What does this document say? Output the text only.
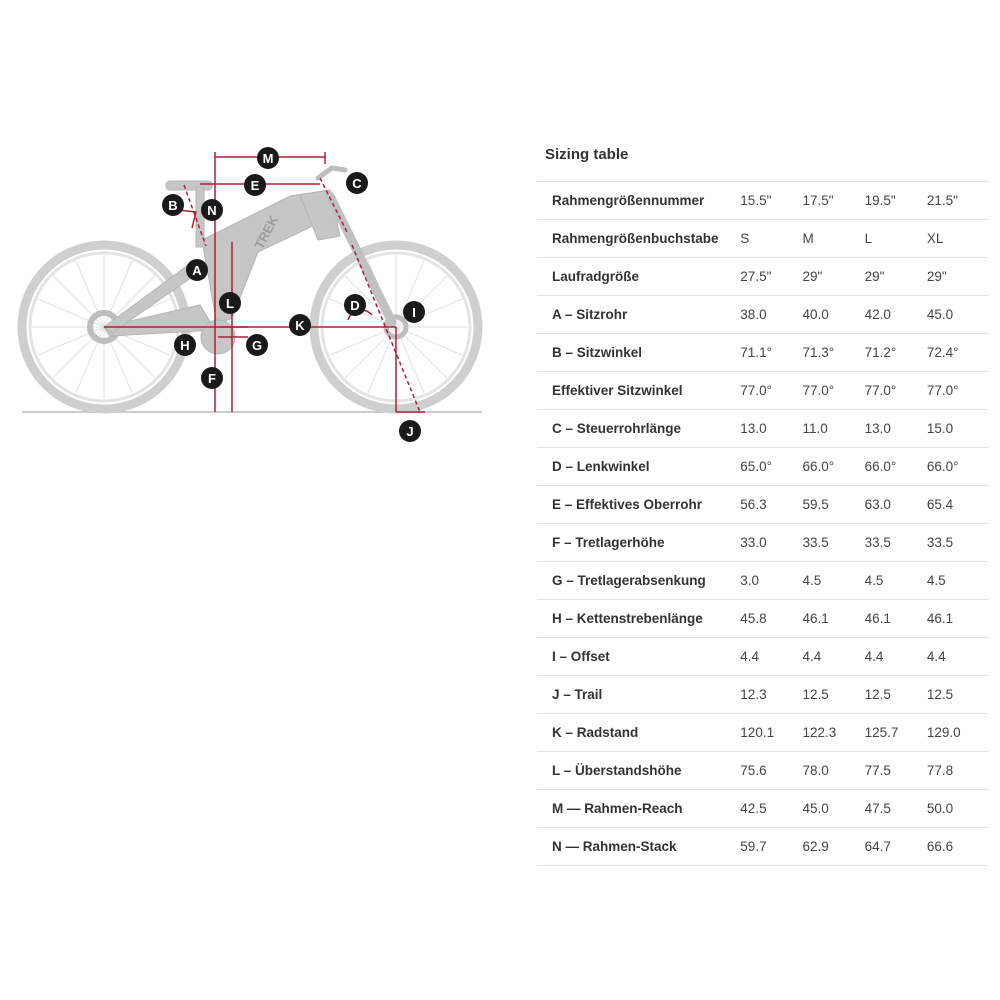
TREK
A
B
C
D
E
F
G
H
I
J
K
L
M
N
Sizing table
Rahmengrößennummer	15.5"	17.5"	19.5"	21.5"
Rahmengrößenbuchstabe	S	M	L	XL
Laufradgröße	27.5"	29"	29"	29"
A – Sitzrohr	38.0	40.0	42.0	45.0
B – Sitzwinkel	71.1°	71.3°	71.2°	72.4°
Effektiver Sitzwinkel	77.0°	77.0°	77.0°	77.0°
C – Steuerrohrlänge	13.0	11.0	13.0	15.0
D – Lenkwinkel	65.0°	66.0°	66.0°	66.0°
E – Effektives Oberrohr	56.3	59.5	63.0	65.4
F – Tretlagerhöhe	33.0	33.5	33.5	33.5
G – Tretlagerabsenkung	3.0	4.5	4.5	4.5
H – Kettenstrebenlänge	45.8	46.1	46.1	46.1
I – Offset	4.4	4.4	4.4	4.4
J – Trail	12.3	12.5	12.5	12.5
K – Radstand	120.1	122.3	125.7	129.0
L – Überstandshöhe	75.6	78.0	77.5	77.8
M — Rahmen-Reach	42.5	45.0	47.5	50.0
N — Rahmen-Stack	59.7	62.9	64.7	66.6
